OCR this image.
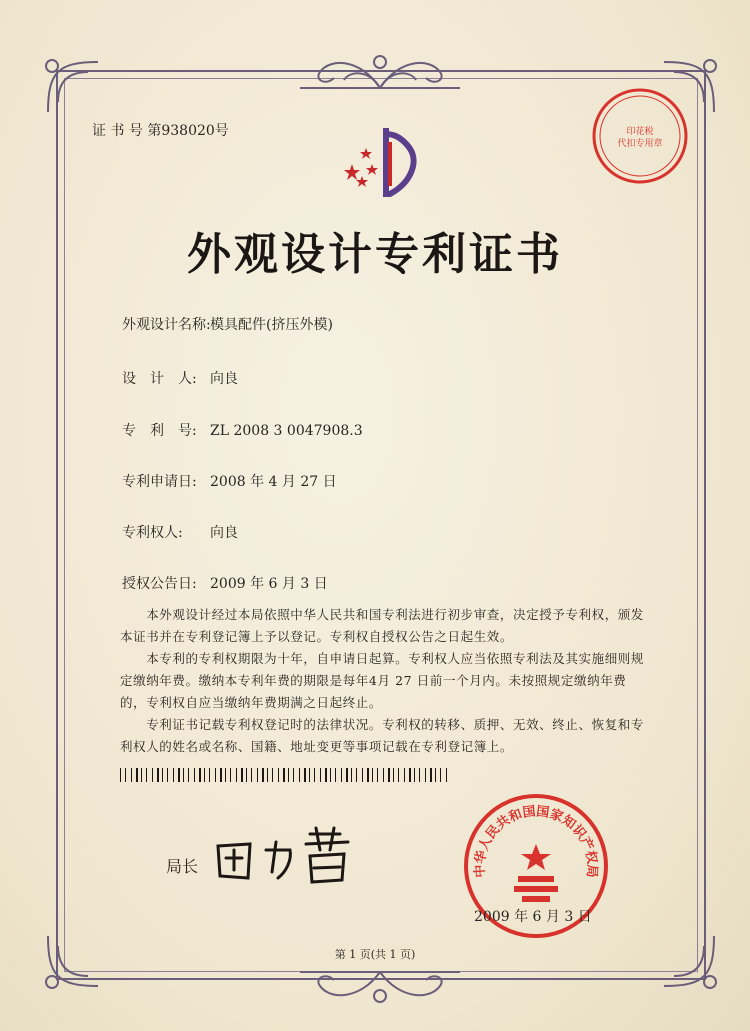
证 书 号 第938020号	印花税
代扣专用章
外观设计专利证书
外观设计名称:模具配件(挤压外模)
设　计　人: 向良
专　利　号: ZL 2008 3 0047908.3
专利申请日: 2008 年 4 月 27 日
专利权人: 向良
授权公告日: 2009 年 6 月 3 日
　　本外观设计经过本局依照中华人民共和国专利法进行初步审查，决定授予专利权，颁发本证书并在专利登记簿上予以登记。专利权自授权公告之日起生效。
　　本专利的专利权期限为十年，自申请日起算。专利权人应当依照专利法及其实施细则规定缴纳年费。缴纳本专利年费的期限是每年4月 27 日前一个月内。未按照规定缴纳年费的，专利权自应当缴纳年费期满之日起终止。
　　专利证书记载专利权登记时的法律状况。专利权的转移、质押、无效、终止、恢复和专利权人的姓名或名称、国籍、地址变更等事项记载在专利登记簿上。
局长	中华人民共和国国家知识产权局
2009 年 6 月 3 日
第 1 页(共 1 页)
